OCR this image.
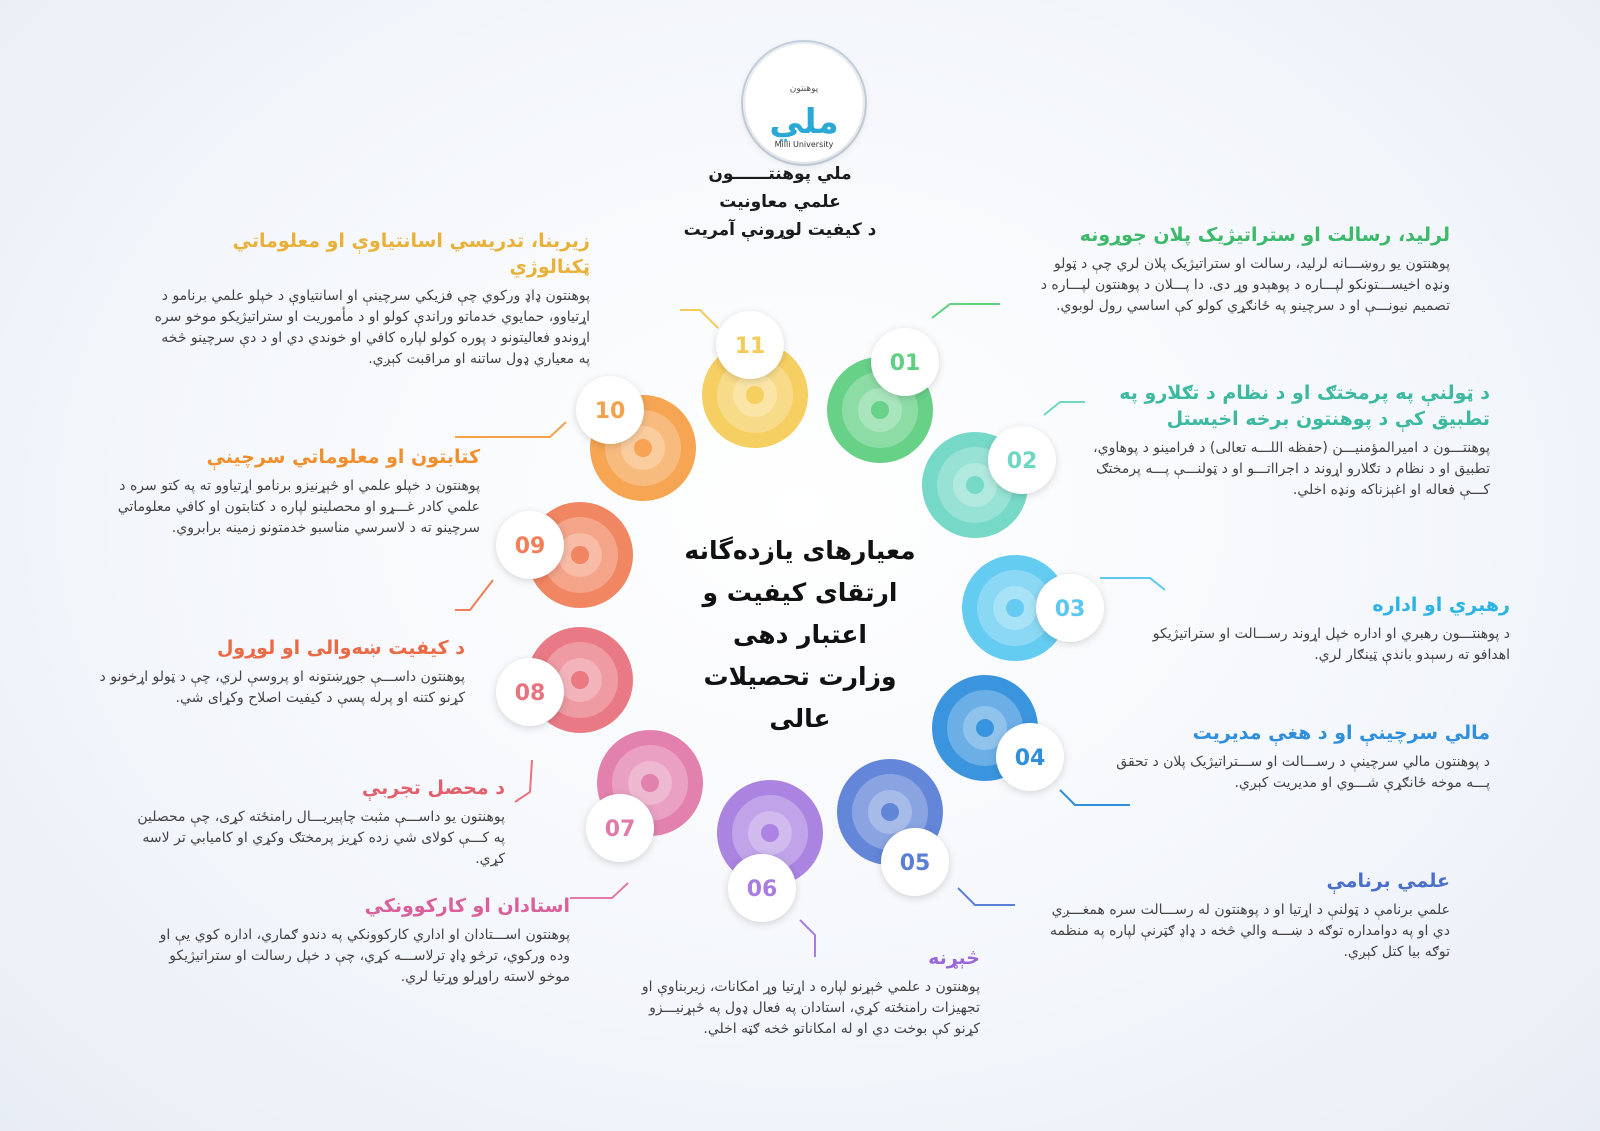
01
02
03
04
05
06
07
08
09
10
11
ملي
Milli University
پوهنتون
ملي پوهنتــــــون
علمي معاونيت
د کيفيت لوړونې آمريت
معيارهای يازده‌گانه
ارتقای کيفيت و
اعتبار دهی
وزارت تحصيلات عالی
لرليد، رسالت او ستراتيژيک پلان جوړونه

پوهنتون يو روښـــانه لرليد، رسالت او ستراتيژيک پلان لري چې د ټولو ونډه اخيســـتونکو لپـــاره د پوهېدو وړ دی. دا پـــلان د پوهنتون لپـــاره د تصميم نيونـــې او د سرچينو په ځانګړي کولو کې اساسي رول لوبوي.

د ټولنې په پرمختګ او د نظام د تګلارو په تطبيق کې د پوهنتون برخه اخيستل

پوهنتـــون د اميرالمؤمنيـــن (حفظه اللـــه تعالی) د فرامينو د پوهاوي، تطبيق او د نظام د تګلارو اړوند د اجرااتـــو او د ټولنـــې پـــه پرمختګ کـــې فعاله او اغېزناکه ونډه اخلي.

رهبري او اداره

د پوهنتـــون رهبري او اداره خپل اړوند رســـالت او ستراتيژيکو اهدافو ته رسېدو باندې ټينګار لري.

مالي سرچينې او د هغې مديريت

د پوهنتون مالي سرچينې د رســـالت او ســـتراتيژيک پلان د تحقق پـــه موخه ځانګړې شـــوي او مديريت کېږي.

علمي برنامې

علمي برنامې د ټولنې د اړتيا او د پوهنتون له رســـالت سره همغـــږي دي او په دوامداره توګه د ښـــه والي څخه د ډاډ ګټرنې لپاره په منظمه توګه بيا کتل کېږي.

څېړنه

پوهنتون د علمي څېړنو لپاره د اړتيا وړ امکانات، زيربناوې او تجهيزات رامنځته کړي، استادان په فعال ډول په څېړنيـــزو کړنو کې بوخت دي او له امکاناتو څخه ګټه اخلي.

استادان او کارکوونکي

پوهنتون اســـتادان او اداري کارکوونکي په دندو ګماري، اداره کوي يې او وده ورکوي، ترڅو ډاډ ترلاســـه کړي، چې د خپل رسالت او ستراتيژيکو موخو لاسته راوړلو وړتيا لري.

د محصل تجربې

پوهنتون يو داســـې مثبت چاپيريـــال رامنځته کړی، چې محصلين په کـــې کولای شي زده کړيز پرمختګ وکړي او کاميابي تر لاسه کړي.

د کيفيت ښه‌والی او لوړول

پوهنتون داســـې جوړښتونه او پروسې لري، چې د ټولو اړخونو د کړنو کتنه او پرله پسې د کيفيت اصلاح وکړای شي.

کتابتون او معلوماتي سرچينې

پوهنتون د خپلو علمي او څېړنيزو برنامو اړتياوو ته په کتو سره د علمي کادر غـــړو او محصلينو لپاره د کتابتون او کافي معلوماتي سرچينو ته د لاسرسي مناسبو خدمتونو زمينه برابروي.

زيربنا، تدريسي اسانتياوې او معلوماتي ټکنالوژي

پوهنتون ډاډ ورکوي چې فزيکي سرچينې او اسانتياوې د خپلو علمي برنامو د اړتياوو، حمايوي خدماتو وراندې کولو او د مأموريت او ستراتيژيکو موخو سره اړوندو فعاليتونو د پوره کولو لپاره کافي او خوندي دي او د دې سرچينو څخه په معياري ډول ساتنه او مراقبت کېږي.
